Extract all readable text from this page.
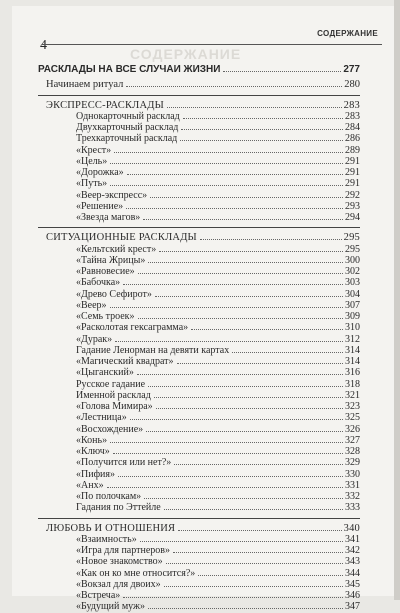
4
СОДЕРЖАНИЕ
СОДЕРЖАНИЕ
РАСКЛАДЫ НА ВСЕ СЛУЧАИ ЖИЗНИ	277
Начинаем ритуал	280
ЭКСПРЕСС-РАСКЛАДЫ	283
Однокарточный расклад	283
Двухкарточный расклад	284
Трехкарточный расклад	286
«Крест»	289
«Цель»	291
«Дорожка»	291
«Путь»	291
«Веер-экспресс»	292
«Решение»	293
«Звезда магов»	294
СИТУАЦИОННЫЕ РАСКЛАДЫ	295
«Кельтский крест»	295
«Тайна Жрицы»	300
«Равновесие»	302
«Бабочка»	303
«Древо Сефирот»	304
«Веер»	307
«Семь троек»	309
«Расколотая гексаграмма»	310
«Дурак»	312
Гадание Ленорман на девяти картах	314
«Магический квадрат»	314
«Цыганский»	316
Русское гадание	318
Именной расклад	321
«Голова Мимира»	323
«Лестница»	325
«Восхождение»	326
«Конь»	327
«Ключ»	328
«Получится или нет?»	329
«Пифия»	330
«Анх»	331
«По полочкам»	332
Гадания по Эттейле	333
ЛЮБОВЬ И ОТНОШЕНИЯ	340
«Взаимность»	341
«Игра для партнеров»	342
«Новое знакомство»	343
«Как он ко мне относится?»	344
«Вокзал для двоих»	345
«Встреча»	346
«Будущий муж»	347
